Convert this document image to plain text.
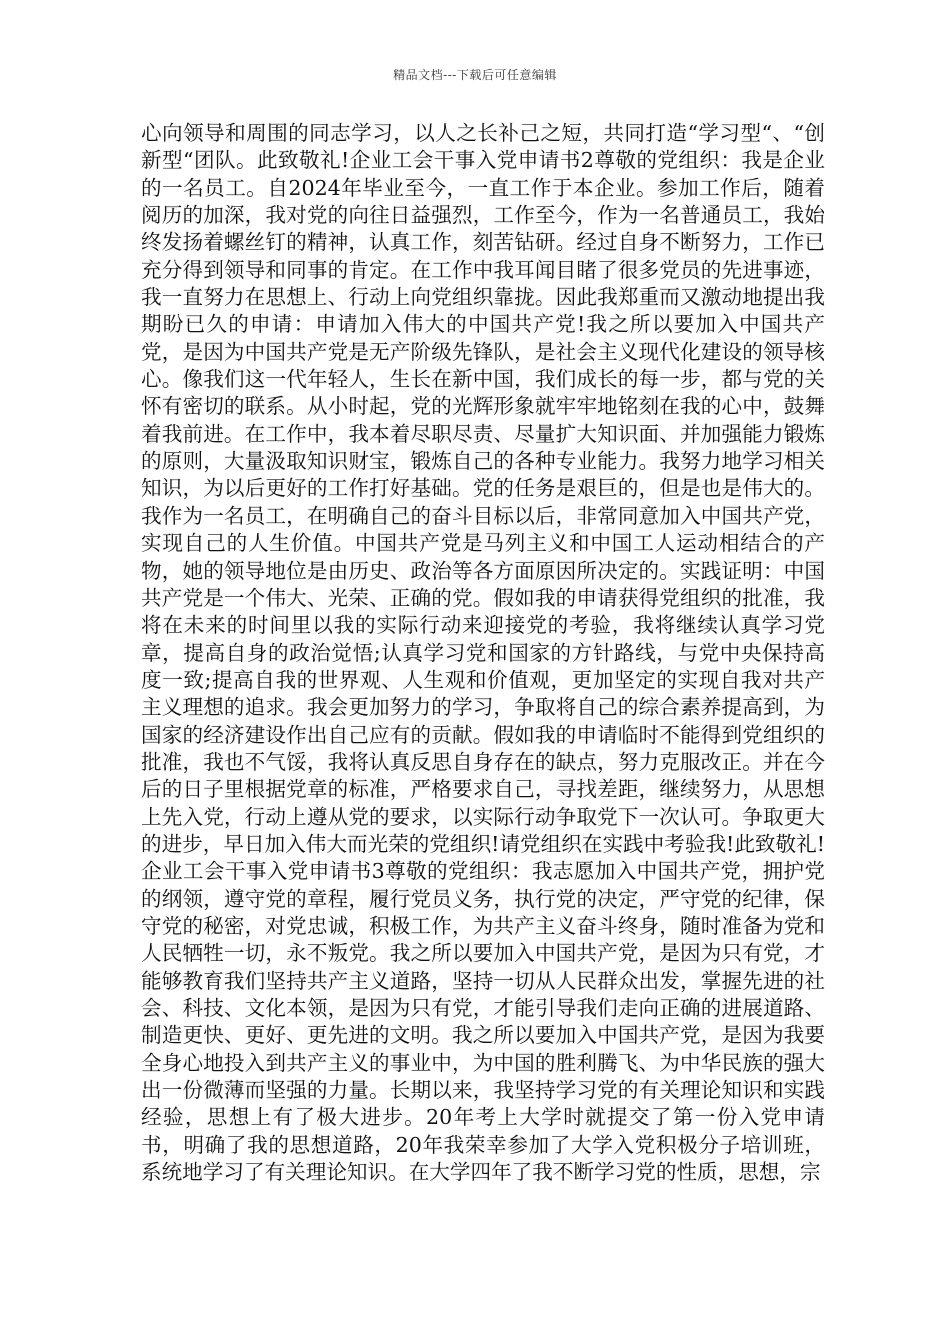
精品文档---下载后可任意编辑

心向领导和周围的同志学习，以人之长补己之短，共同打造“学习型“、“创新型“团队。此致敬礼!企业工会干事入党申请书2尊敬的党组织：我是企业的一名员工。自2024年毕业至今，一直工作于本企业。参加工作后，随着阅历的加深，我对党的向往日益强烈，工作至今，作为一名普通员工，我始终发扬着螺丝钉的精神，认真工作，刻苦钻研。经过自身不断努力，工作已充分得到领导和同事的肯定。在工作中我耳闻目睹了很多党员的先进事迹，我一直努力在思想上、行动上向党组织靠拢。因此我郑重而又激动地提出我期盼已久的申请：申请加入伟大的中国共产党!我之所以要加入中国共产党，是因为中国共产党是无产阶级先锋队，是社会主义现代化建设的领导核心。像我们这一代年轻人，生长在新中国，我们成长的每一步，都与党的关怀有密切的联系。从小时起，党的光辉形象就牢牢地铭刻在我的心中，鼓舞着我前进。在工作中，我本着尽职尽责、尽量扩大知识面、并加强能力锻炼的原则，大量汲取知识财宝，锻炼自己的各种专业能力。我努力地学习相关知识，为以后更好的工作打好基础。党的任务是艰巨的，但是也是伟大的。我作为一名员工，在明确自己的奋斗目标以后，非常同意加入中国共产党，实现自己的人生价值。中国共产党是马列主义和中国工人运动相结合的产物，她的领导地位是由历史、政治等各方面原因所决定的。实践证明：中国共产党是一个伟大、光荣、正确的党。假如我的申请获得党组织的批准，我将在未来的时间里以我的实际行动来迎接党的考验，我将继续认真学习党章，提高自身的政治觉悟;认真学习党和国家的方针路线，与党中央保持高度一致;提高自我的世界观、人生观和价值观，更加坚定的实现自我对共产主义理想的追求。我会更加努力的学习，争取将自己的综合素养提高到，为国家的经济建设作出自己应有的贡献。假如我的申请临时不能得到党组织的批准，我也不气馁，我将认真反思自身存在的缺点，努力克服改正。并在今后的日子里根据党章的标准，严格要求自己，寻找差距，继续努力，从思想上先入党，行动上遵从党的要求，以实际行动争取党下一次认可。争取更大的进步，早日加入伟大而光荣的党组织!请党组织在实践中考验我!此致敬礼!企业工会干事入党申请书3尊敬的党组织：我志愿加入中国共产党，拥护党的纲领，遵守党的章程，履行党员义务，执行党的决定，严守党的纪律，保守党的秘密，对党忠诚，积极工作，为共产主义奋斗终身，随时准备为党和人民牺牲一切，永不叛党。我之所以要加入中国共产党，是因为只有党，才能够教育我们坚持共产主义道路，坚持一切从人民群众出发，掌握先进的社会、科技、文化本领，是因为只有党，才能引导我们走向正确的进展道路、制造更快、更好、更先进的文明。我之所以要加入中国共产党，是因为我要全身心地投入到共产主义的事业中，为中国的胜利腾飞、为中华民族的强大出一份微薄而坚强的力量。长期以来，我坚持学习党的有关理论知识和实践经验，思想上有了极大进步。20年考上大学时就提交了第一份入党申请书，明确了我的思想道路，20年我荣幸参加了大学入党积极分子培训班，系统地学习了有关理论知识。在大学四年了我不断学习党的性质，思想，宗
